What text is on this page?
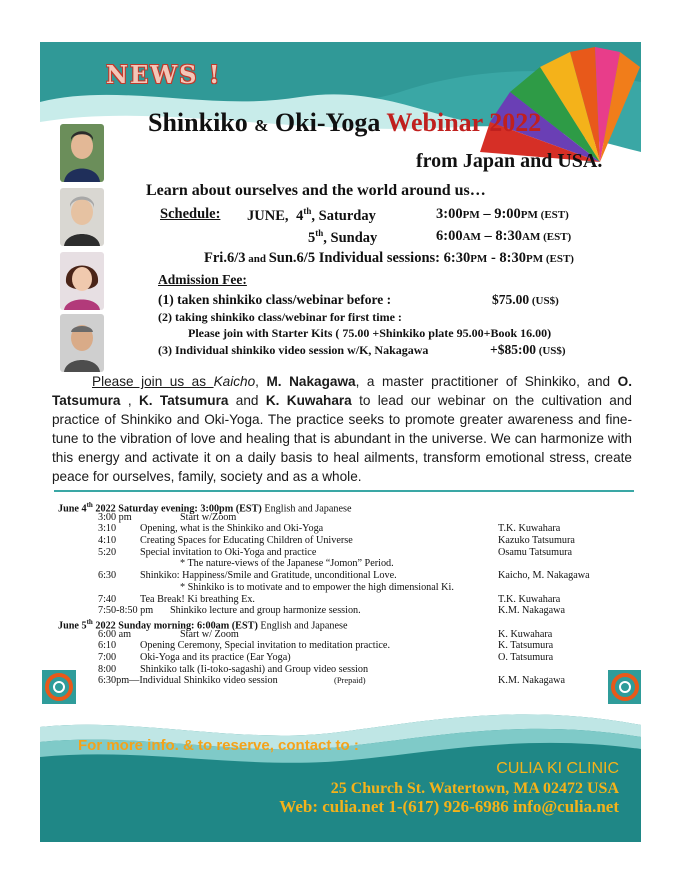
NEWS !
Shinkiko & Oki-Yoga Webinar 2022
from Japan and USA.
Learn about ourselves and the world around us…
Schedule: JUNE, 4th, Saturday	3:00PM – 9:00PM (EST)
5th, Sunday	6:00AM – 8:30AM (EST)
Fri.6/3 and Sun.6/5 Individual sessions: 6:30PM - 8:30PM (EST)
Admission Fee:
(1) taken shinkiko class/webinar before :	$75.00 (US$)
(2) taking shinkiko class/webinar for first time :
Please join with Starter Kits ( 75.00 +Shinkiko plate 95.00+Book 16.00)
(3) Individual shinkiko video session w/K, Nakagawa	+$85:00 (US$)
Please join us as Kaicho, M. Nakagawa, a master practitioner of Shinkiko, and O. Tatsumura , K. Tatsumura and K. Kuwahara to lead our webinar on the cultivation and practice of Shinkiko and Oki-Yoga. The practice seeks to promote greater awareness and fine-tune to the vibration of love and healing that is abundant in the universe. We can harmonize with this energy and activate it on a daily basis to heal ailments, transform emotional stress, create peace for ourselves, family, society and as a whole.
June 4th 2022 Saturday evening: 3:00pm (EST) English and Japanese
3:00 pm	Start w/Zoom
3:10 Opening, what is the Shinkiko and Oki-Yoga	T.K. Kuwahara
4:10 Creating Spaces for Educating Children of Universe	Kazuko Tatsumura
5:20 Special invitation to Oki-Yoga and practice	Osamu Tatsumura
* The nature-views of the Japanese “Jomon” Period.
6:30 Shinkiko: Happiness/Smile and Gratitude, unconditional Love.	Kaicho, M. Nakagawa
* Shinkiko is to motivate and to empower the high dimensional Ki.
7:40 Tea Break! Ki breathing Ex.	T.K. Kuwahara
7:50-8:50 pm Shinkiko lecture and group harmonize session.	K.M. Nakagawa
June 5th 2022 Sunday morning: 6:00am (EST) English and Japanese
6:00 am	Start w/ Zoom	K. Kuwahara
6:10 Opening Ceremony, Special invitation to meditation practice.	K. Tatsumura
7:00 Oki-Yoga and its practice (Ear Yoga)	O. Tatsumura
8:00 Shinkiko talk (Ii-toko-sagashi) and Group video session
6:30pm—Individual Shinkiko video session	(Prepaid)	K.M. Nakagawa
For more info. & to reserve, contact to :
CULIA KI CLINIC
25 Church St. Watertown, MA 02472 USA
Web: culia.net 1-(617) 926-6986 info@culia.net
